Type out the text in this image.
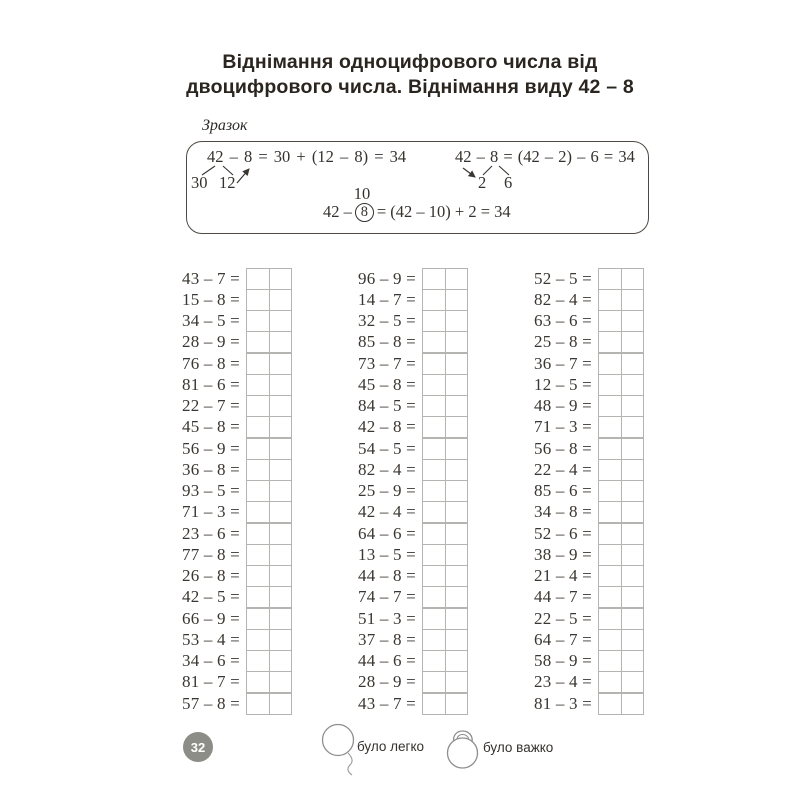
Віднімання одноцифрового числа від
двоцифрового числа. Віднімання виду 42 – 8
Зразок
42 – 8 = 30 + (12 – 8) = 34
30 12
42 – 8 = (42 – 2) – 6 = 34
2 6
10
42 – 8 = (42 – 10) + 2 = 34
43 – 7 =
15 – 8 =
34 – 5 =
28 – 9 =
76 – 8 =
81 – 6 =
22 – 7 =
45 – 8 =
56 – 9 =
36 – 8 =
93 – 5 =
71 – 3 =
23 – 6 =
77 – 8 =
26 – 8 =
42 – 5 =
66 – 9 =
53 – 4 =
34 – 6 =
81 – 7 =
57 – 8 =
96 – 9 =
14 – 7 =
32 – 5 =
85 – 8 =
73 – 7 =
45 – 8 =
84 – 5 =
42 – 8 =
54 – 5 =
82 – 4 =
25 – 9 =
42 – 4 =
64 – 6 =
13 – 5 =
44 – 8 =
74 – 7 =
51 – 3 =
37 – 8 =
44 – 6 =
28 – 9 =
43 – 7 =
52 – 5 =
82 – 4 =
63 – 6 =
25 – 8 =
36 – 7 =
12 – 5 =
48 – 9 =
71 – 3 =
56 – 8 =
22 – 4 =
85 – 6 =
34 – 8 =
52 – 6 =
38 – 9 =
21 – 4 =
44 – 7 =
22 – 5 =
64 – 7 =
58 – 9 =
23 – 4 =
81 – 3 =
32	було легко	було важко
